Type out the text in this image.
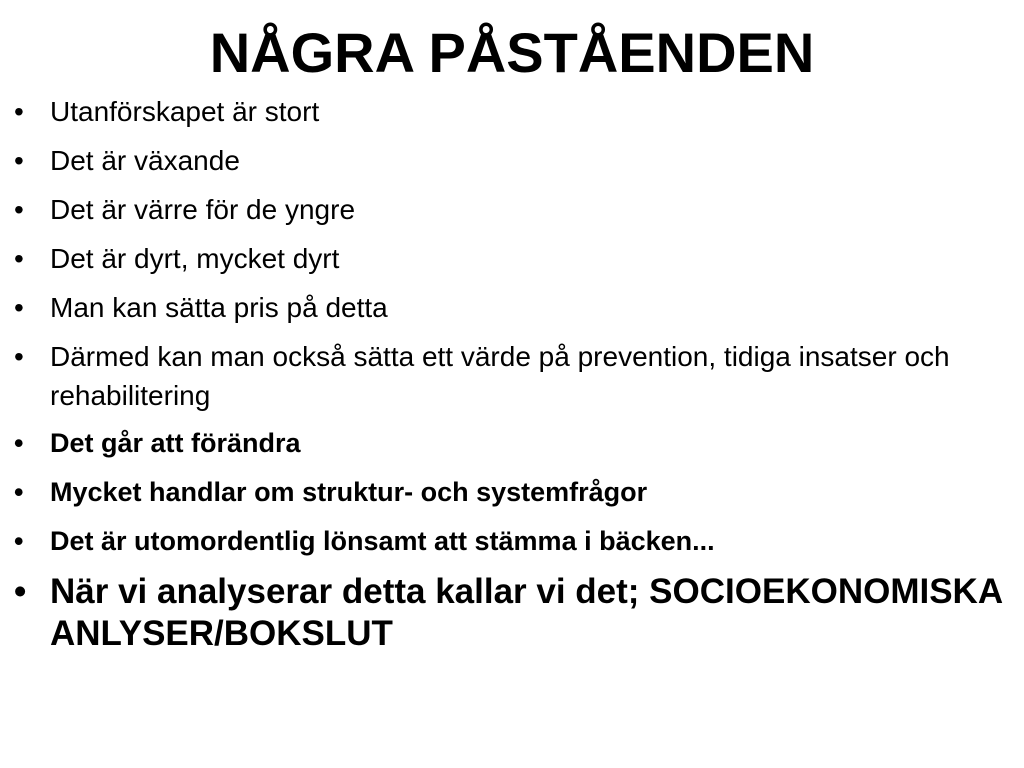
NÅGRA PÅSTÅENDEN
• Utanförskapet är stort
• Det är växande
• Det är värre för de yngre
• Det är dyrt, mycket dyrt
• Man kan sätta pris på detta
• Därmed kan man också sätta ett värde på prevention, tidiga insatser och rehabilitering
• Det går att förändra
• Mycket handlar om struktur- och systemfrågor
• Det är utomordentlig lönsamt att stämma i bäcken...
• När vi analyserar detta kallar vi det; SOCIOEKONOMISKA ANLYSER/BOKSLUT
